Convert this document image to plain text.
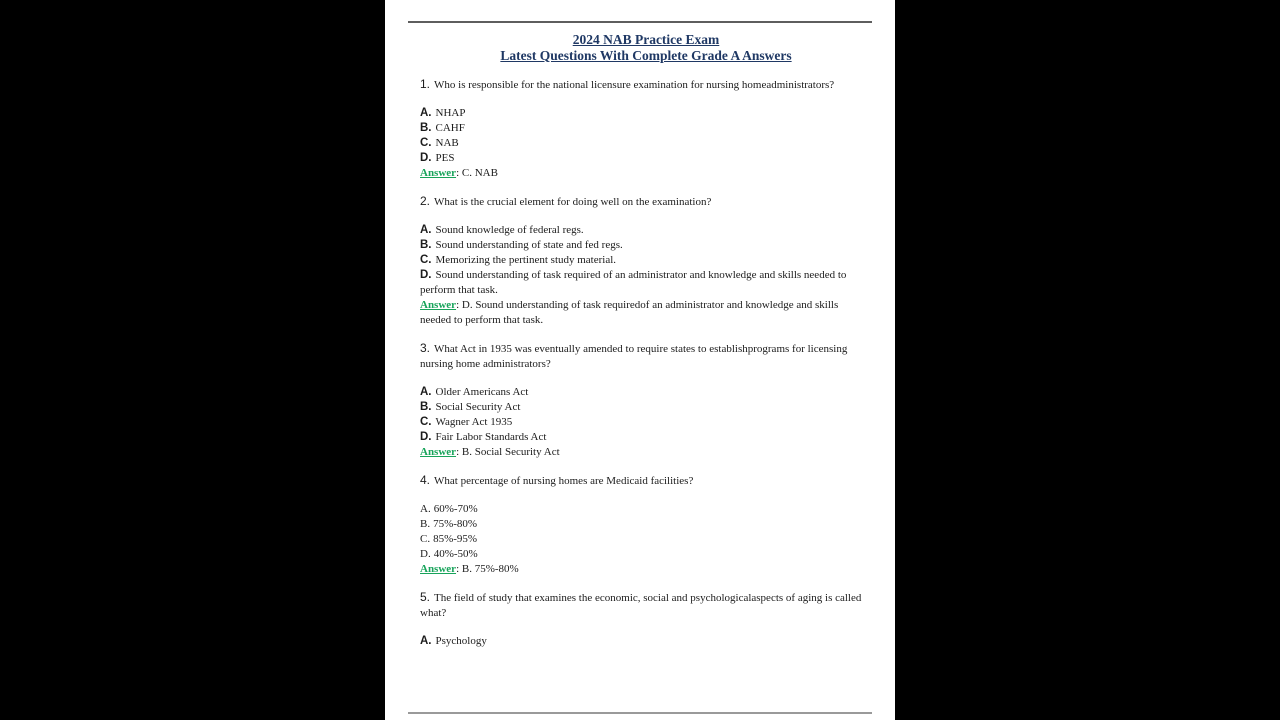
2024 NAB Practice Exam
Latest Questions With Complete Grade A Answers

1. Who is responsible for the national licensure examination for nursing homeadministrators?

A. NHAP

B. CAHF

C. NAB

D. PES

Answer: C. NAB

2. What is the crucial element for doing well on the examination?

A. Sound knowledge of federal regs.

B. Sound understanding of state and fed regs.

C. Memorizing the pertinent study material.

D. Sound understanding of task required of an administrator and knowledge and skills needed to perform that task.

Answer: D. Sound understanding of task requiredof an administrator and knowledge and skills needed to perform that task.

3. What Act in 1935 was eventually amended to require states to establishprograms for licensing nursing home administrators?

A. Older Americans Act

B. Social Security Act

C. Wagner Act 1935

D. Fair Labor Standards Act

Answer: B. Social Security Act

4. What percentage of nursing homes are Medicaid facilities?

A. 60%-70%

B. 75%-80%

C. 85%-95%

D. 40%-50%

Answer: B. 75%-80%

5. The field of study that examines the economic, social and psychologicalaspects of aging is called what?

A. Psychology
